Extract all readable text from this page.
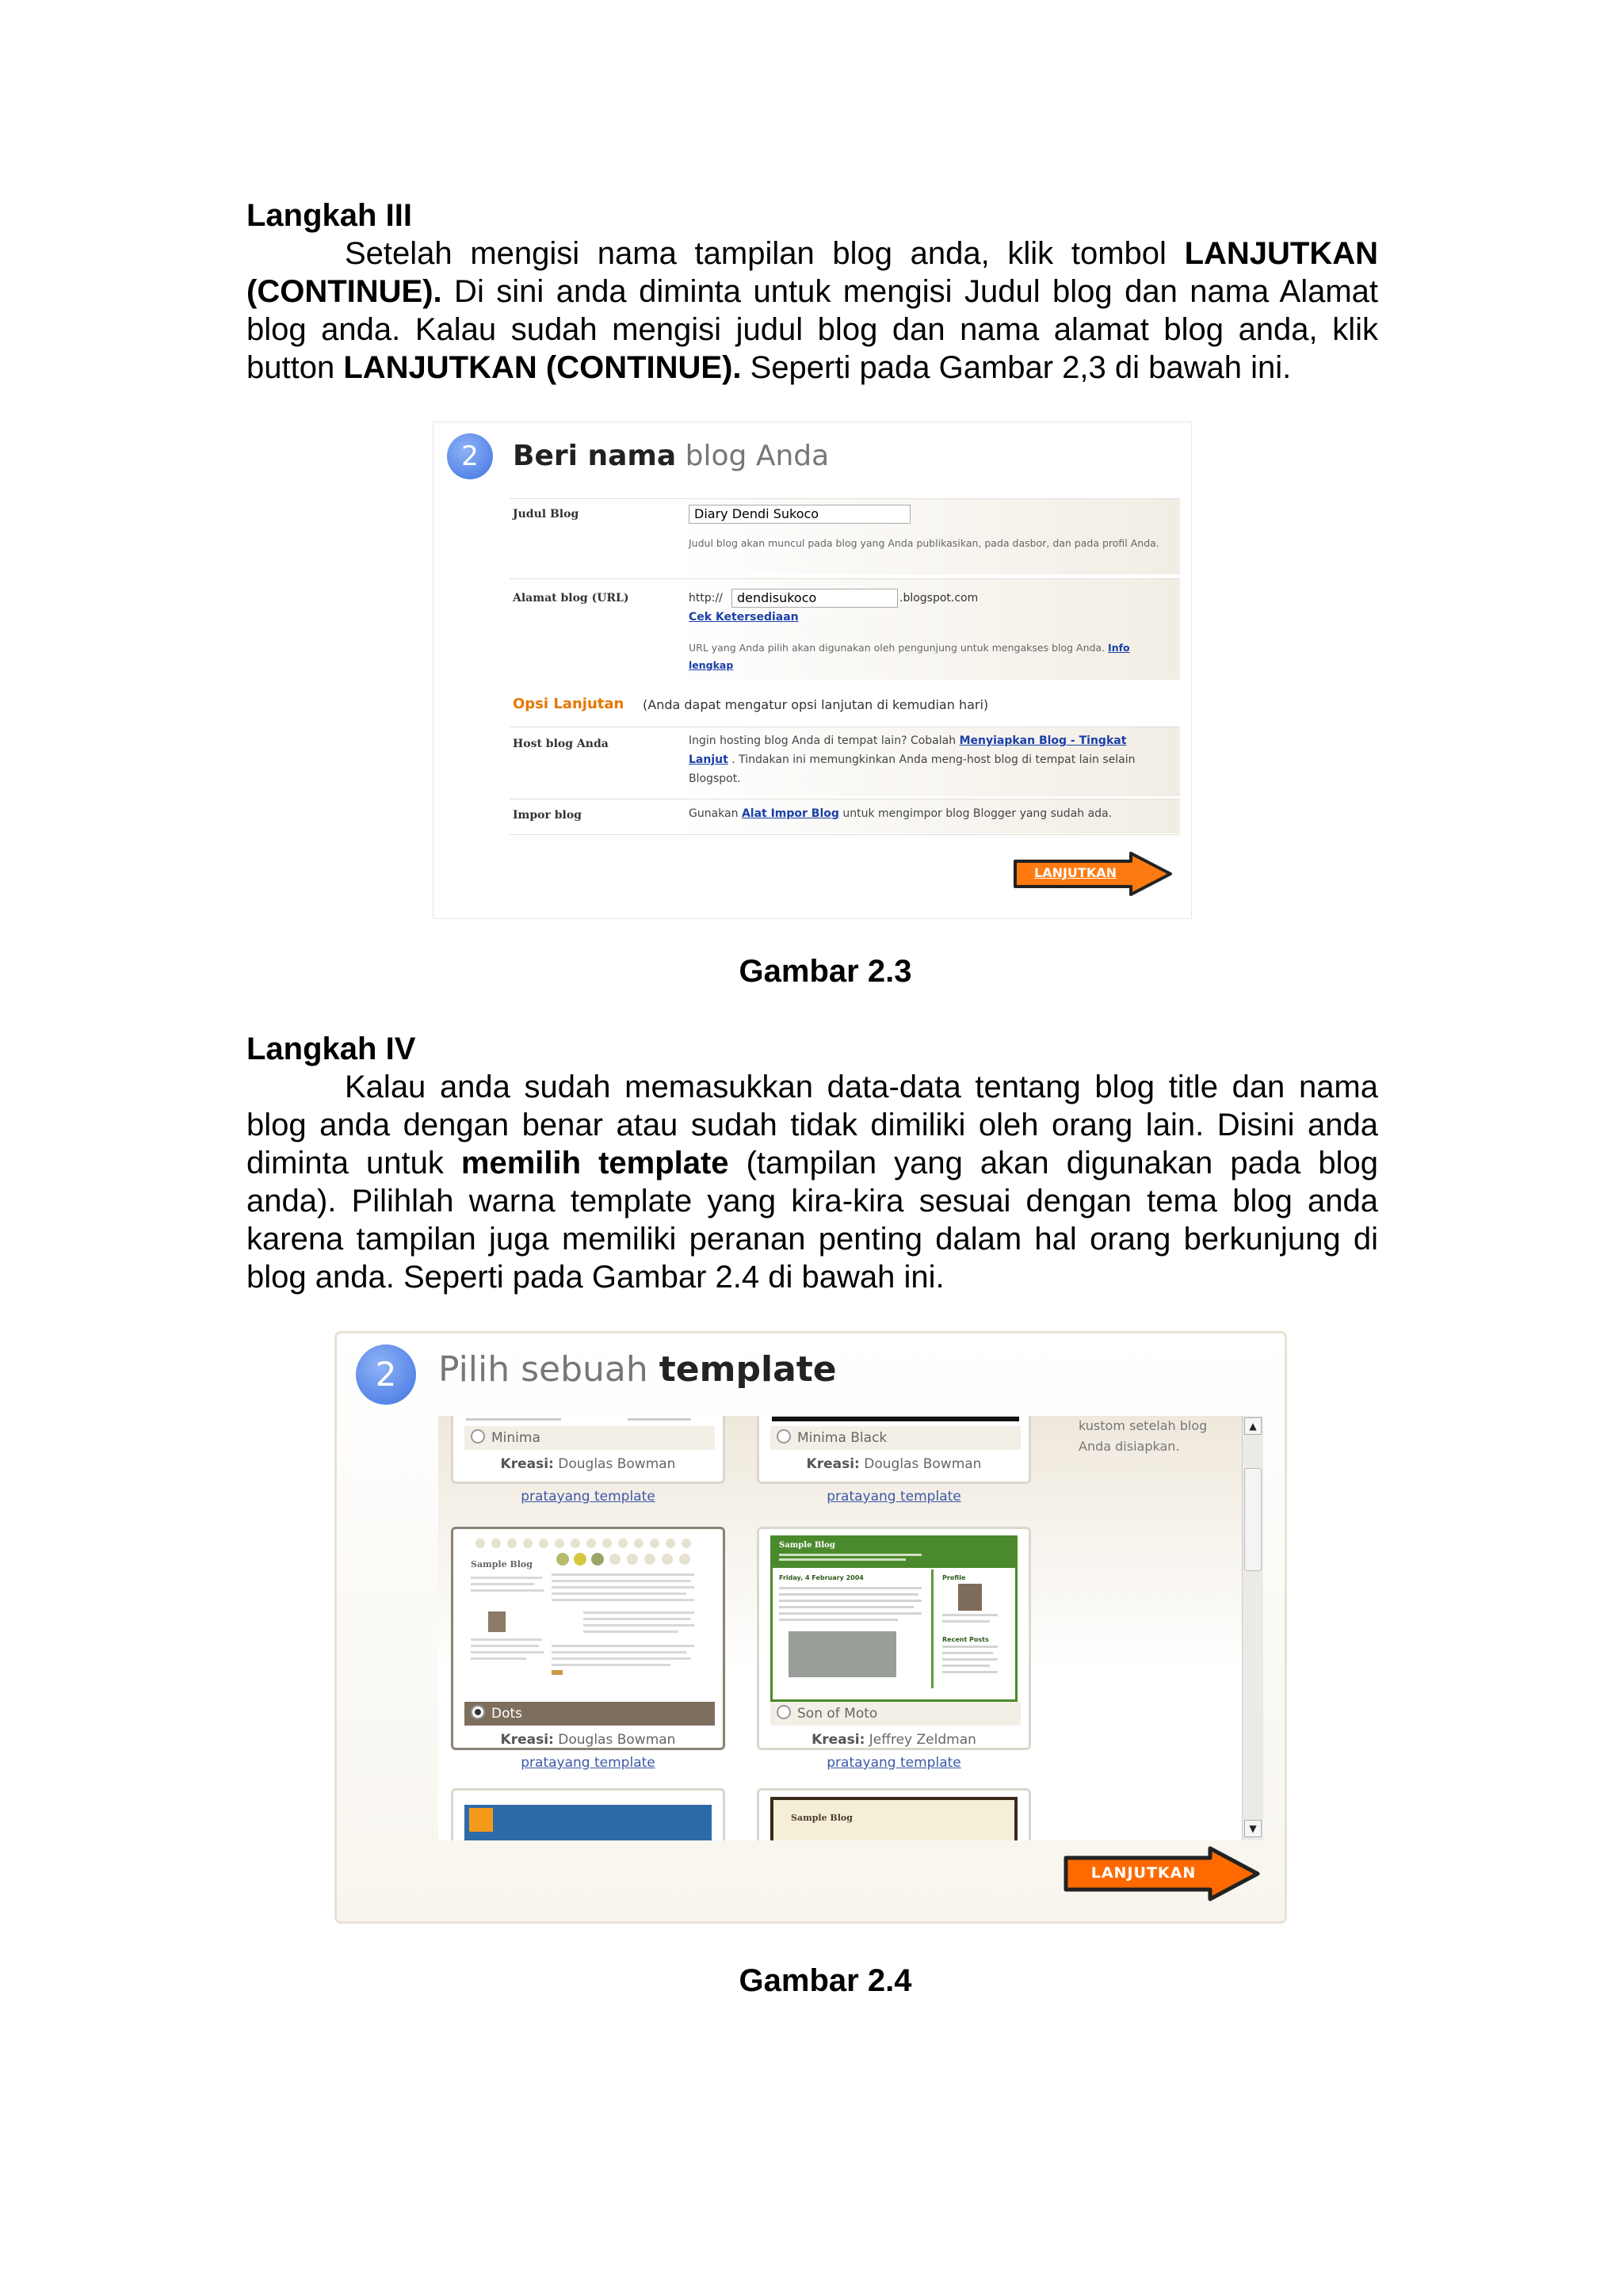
Langkah III
Setelah mengisi nama tampilan blog anda, klik tombol LANJUTKAN (CONTINUE). Di sini anda diminta untuk mengisi Judul blog dan nama Alamat blog anda. Kalau sudah mengisi judul blog dan nama alamat blog anda, klik button LANJUTKAN (CONTINUE). Seperti pada Gambar 2,3 di bawah ini.
2	Beri nama blog Anda
Judul Blog	Diary Dendi Sukoco
Judul blog akan muncul pada blog yang Anda publikasikan, pada dasbor, dan pada profil Anda.
Alamat blog (URL)	http://	dendisukoco	.blogspot.com
Cek Ketersediaan
URL yang Anda pilih akan digunakan oleh pengunjung untuk mengakses blog Anda. Info lengkap
Opsi Lanjutan (Anda dapat mengatur opsi lanjutan di kemudian hari)
Host blog Anda	Ingin hosting blog Anda di tempat lain? Cobalah Menyiapkan Blog - Tingkat Lanjut . Tindakan ini memungkinkan Anda meng-host blog di tempat lain selain Blogspot.
Impor blog	Gunakan Alat Impor Blog untuk mengimpor blog Blogger yang sudah ada.
LANJUTKAN
Gambar 2.3
Langkah IV
Kalau anda sudah memasukkan data-data tentang blog title dan nama blog anda dengan benar atau sudah tidak dimiliki oleh orang lain. Disini anda diminta untuk memilih template (tampilan yang akan digunakan pada blog anda). Pilihlah warna template yang kira-kira sesuai dengan tema blog anda karena tampilan juga memiliki peranan penting dalam hal orang berkunjung di blog anda. Seperti pada Gambar 2.4 di bawah ini.
2	Pilih sebuah template
Minima
Kreasi: Douglas Bowman
pratayang template
Minima Black
Kreasi: Douglas Bowman
pratayang template
kustom setelah blog Anda disiapkan.
Sample Blog
Dots
Kreasi: Douglas Bowman
pratayang template
Sample Blog
Friday, 4 February 2004	Profile
Recent Posts
Son of Moto
Kreasi: Jeffrey Zeldman
pratayang template
Sample Blog
▲
▼
LANJUTKAN
Gambar 2.4
